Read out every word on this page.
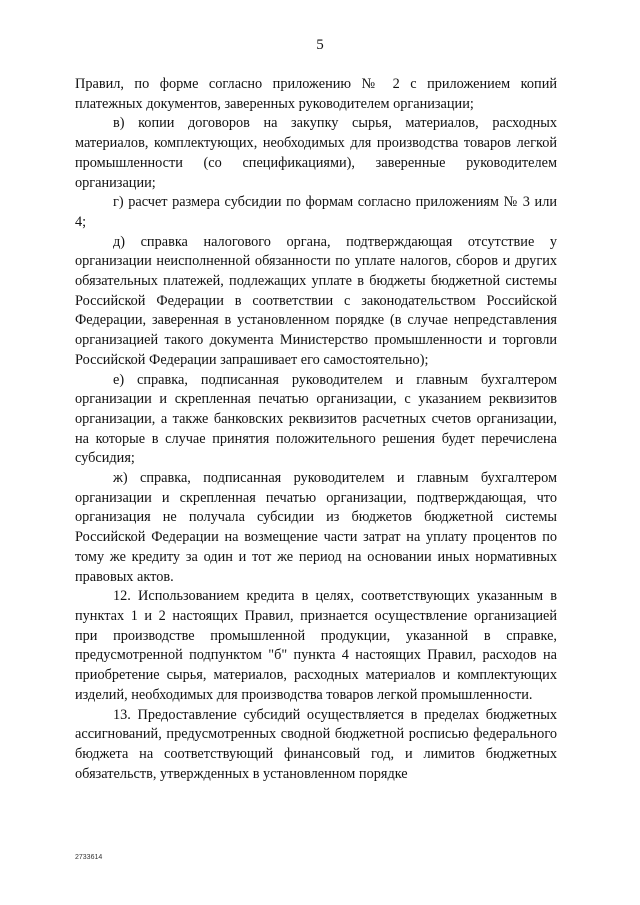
5

Правил, по форме согласно приложению № 2 с приложением копий платежных документов, заверенных руководителем организации;

в) копии договоров на закупку сырья, материалов, расходных материалов, комплектующих, необходимых для производства товаров легкой промышленности (со спецификациями), заверенные руководителем организации;

г) расчет размера субсидии по формам согласно приложениям № 3 или 4;

д) справка налогового органа, подтверждающая отсутствие у организации неисполненной обязанности по уплате налогов, сборов и других обязательных платежей, подлежащих уплате в бюджеты бюджетной системы Российской Федерации в соответствии с законодательством Российской Федерации, заверенная в установленном порядке (в случае непредставления организацией такого документа Министерство промышленности и торговли Российской Федерации запрашивает его самостоятельно);

е) справка, подписанная руководителем и главным бухгалтером организации и скрепленная печатью организации, с указанием реквизитов организации, а также банковских реквизитов расчетных счетов организации, на которые в случае принятия положительного решения будет перечислена субсидия;

ж) справка, подписанная руководителем и главным бухгалтером организации и скрепленная печатью организации, подтверждающая, что организация не получала субсидии из бюджетов бюджетной системы Российской Федерации на возмещение части затрат на уплату процентов по тому же кредиту за один и тот же период на основании иных нормативных правовых актов.

12. Использованием кредита в целях, соответствующих указанным в пунктах 1 и 2 настоящих Правил, признается осуществление организацией при производстве промышленной продукции, указанной в справке, предусмотренной подпунктом "б" пункта 4 настоящих Правил, расходов на приобретение сырья, материалов, расходных материалов и комплектующих изделий, необходимых для производства товаров легкой промышленности.

13. Предоставление субсидий осуществляется в пределах бюджетных ассигнований, предусмотренных сводной бюджетной росписью федерального бюджета на соответствующий финансовый год, и лимитов бюджетных обязательств, утвержденных в установленном порядке

2733614
